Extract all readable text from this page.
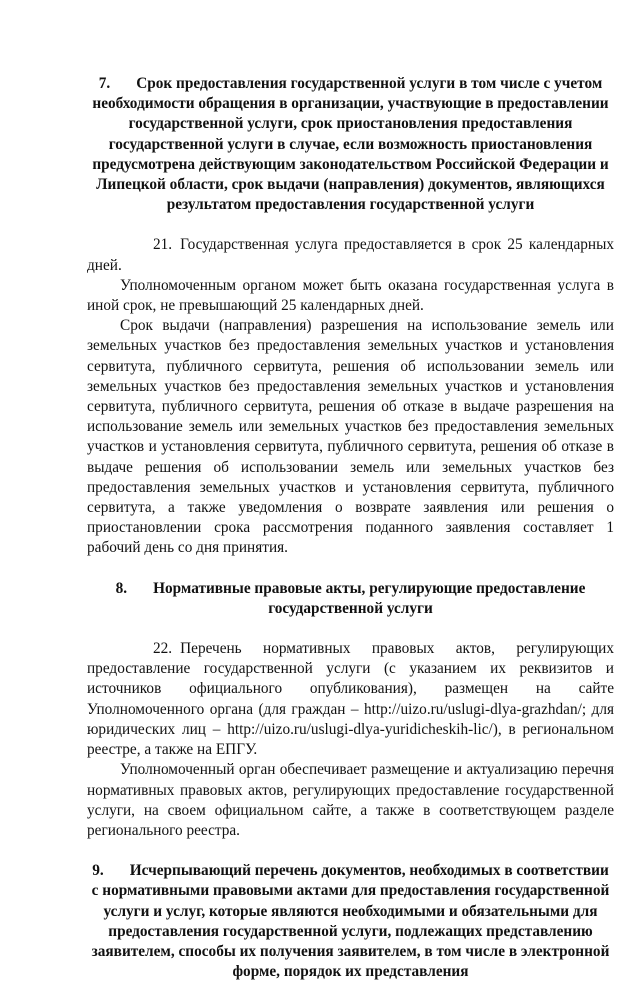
7. Срок предоставления государственной услуги в том числе с учетом необходимости обращения в организации, участвующие в предоставлении государственной услуги, срок приостановления предоставления государственной услуги в случае, если возможность приостановления предусмотрена действующим законодательством Российской Федерации и Липецкой области, срок выдачи (направления) документов, являющихся результатом предоставления государственной услуги

21. Государственная услуга предоставляется в срок 25 календарных дней.

Уполномоченным органом может быть оказана государственная услуга в иной срок, не превышающий 25 календарных дней.

Срок выдачи (направления) разрешения на использование земель или земельных участков без предоставления земельных участков и установления сервитута, публичного сервитута, решения об использовании земель или земельных участков без предоставления земельных участков и установления сервитута, публичного сервитута, решения об отказе в выдаче разрешения на использование земель или земельных участков без предоставления земельных участков и установления сервитута, публичного сервитута, решения об отказе в выдаче решения об использовании земель или земельных участков без предоставления земельных участков и установления сервитута, публичного сервитута, а также уведомления о возврате заявления или решения о приостановлении срока рассмотрения поданного заявления составляет 1 рабочий день со дня принятия.

8. Нормативные правовые акты, регулирующие предоставление государственной услуги

22. Перечень нормативных правовых актов, регулирующих предоставление государственной услуги (с указанием их реквизитов и источников официального опубликования), размещен на сайте Уполномоченного органа (для граждан – http://uizo.ru/uslugi-dlya-grazhdan/; для юридических лиц – http://uizo.ru/uslugi-dlya-yuridicheskih-lic/), в региональном реестре, а также на ЕПГУ.

Уполномоченный орган обеспечивает размещение и актуализацию перечня нормативных правовых актов, регулирующих предоставление государственной услуги, на своем официальном сайте, а также в соответствующем разделе регионального реестра.

9. Исчерпывающий перечень документов, необходимых в соответствии с нормативными правовыми актами для предоставления государственной услуги и услуг, которые являются необходимыми и обязательными для предоставления государственной услуги, подлежащих представлению заявителем, способы их получения заявителем, в том числе в электронной форме, порядок их представления
